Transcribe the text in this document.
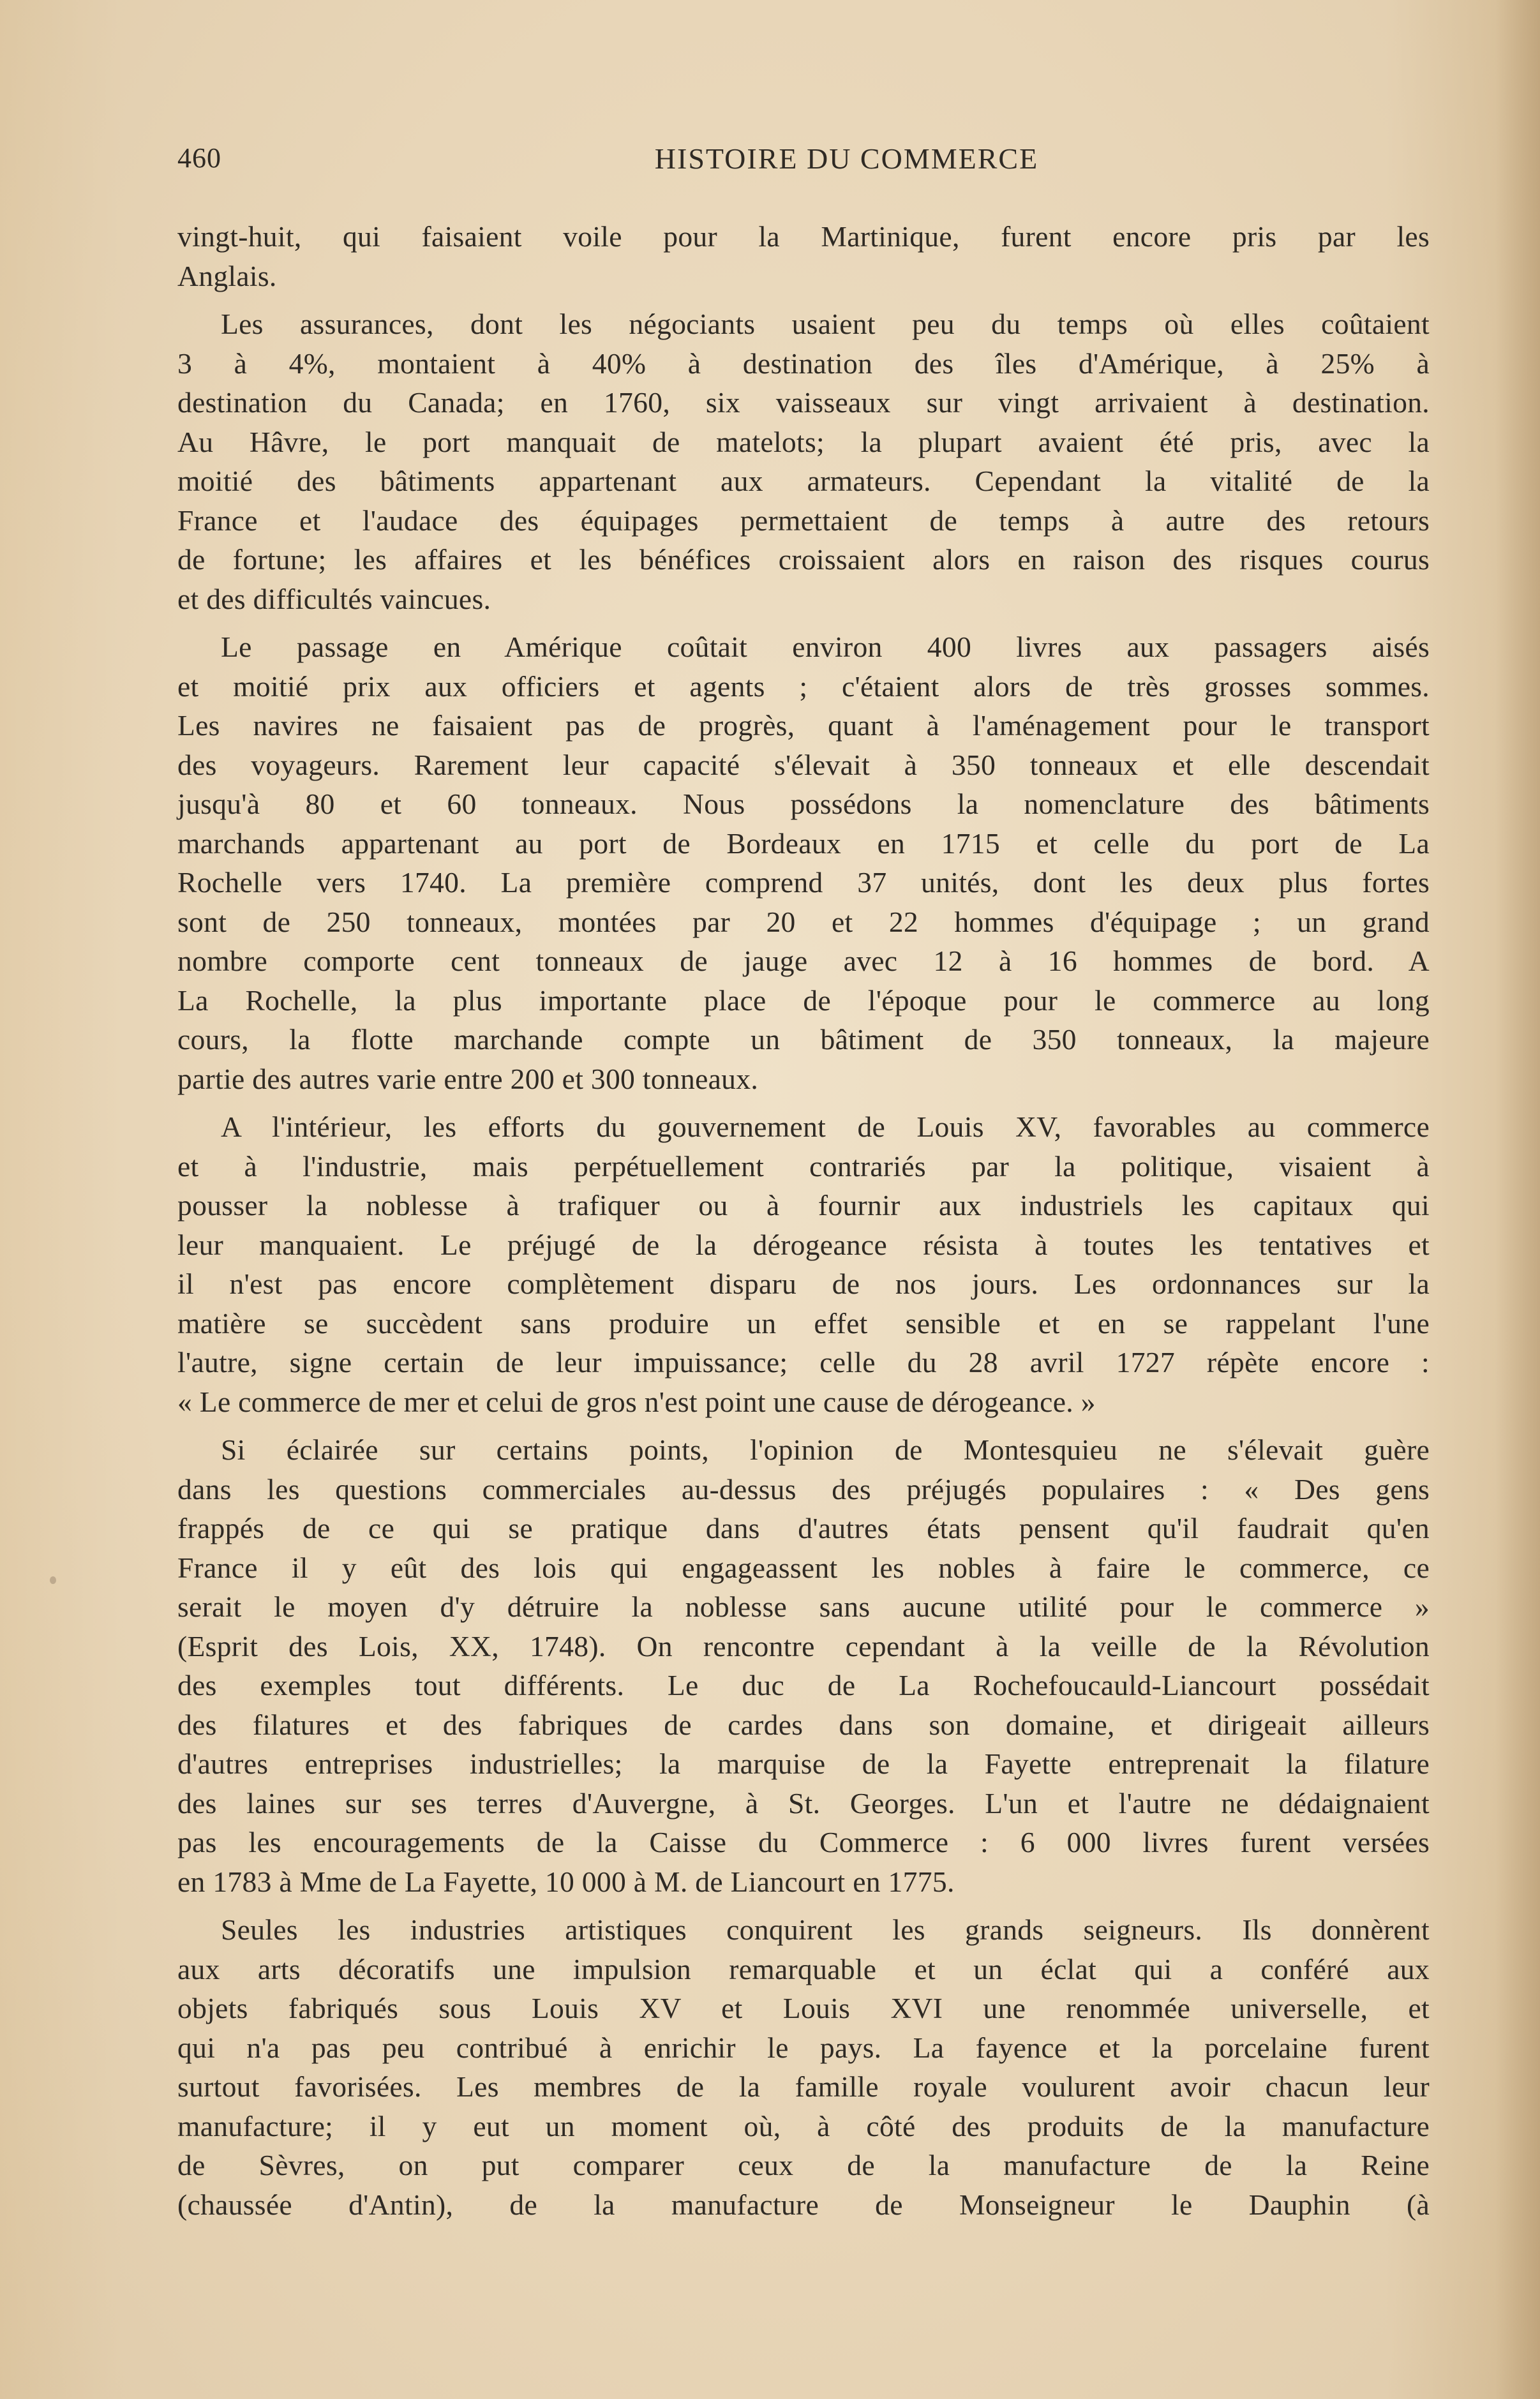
460	HISTOIRE DU COMMERCE
vingt-huit, qui faisaient voile pour la Martinique, furent encore pris par les
Anglais.
Les assurances, dont les négociants usaient peu du temps où elles coûtaient
3 à 4%, montaient à 40% à destination des îles d'Amérique, à 25% à
destination du Canada; en 1760, six vaisseaux sur vingt arrivaient à destination.
Au Hâvre, le port manquait de matelots; la plupart avaient été pris, avec la
moitié des bâtiments appartenant aux armateurs. Cependant la vitalité de la
France et l'audace des équipages permettaient de temps à autre des retours
de fortune; les affaires et les bénéfices croissaient alors en raison des risques courus
et des difficultés vaincues.
Le passage en Amérique coûtait environ 400 livres aux passagers aisés
et moitié prix aux officiers et agents ; c'étaient alors de très grosses sommes.
Les navires ne faisaient pas de progrès, quant à l'aménagement pour le transport
des voyageurs. Rarement leur capacité s'élevait à 350 tonneaux et elle descendait
jusqu'à 80 et 60 tonneaux. Nous possédons la nomenclature des bâtiments
marchands appartenant au port de Bordeaux en 1715 et celle du port de La
Rochelle vers 1740. La première comprend 37 unités, dont les deux plus fortes
sont de 250 tonneaux, montées par 20 et 22 hommes d'équipage ; un grand
nombre comporte cent tonneaux de jauge avec 12 à 16 hommes de bord. A
La Rochelle, la plus importante place de l'époque pour le commerce au long
cours, la flotte marchande compte un bâtiment de 350 tonneaux, la majeure
partie des autres varie entre 200 et 300 tonneaux.
A l'intérieur, les efforts du gouvernement de Louis XV, favorables au commerce
et à l'industrie, mais perpétuellement contrariés par la politique, visaient à
pousser la noblesse à trafiquer ou à fournir aux industriels les capitaux qui
leur manquaient. Le préjugé de la dérogeance résista à toutes les tentatives et
il n'est pas encore complètement disparu de nos jours. Les ordonnances sur la
matière se succèdent sans produire un effet sensible et en se rappelant l'une
l'autre, signe certain de leur impuissance; celle du 28 avril 1727 répète encore :
« Le commerce de mer et celui de gros n'est point une cause de dérogeance. »
Si éclairée sur certains points, l'opinion de Montesquieu ne s'élevait guère
dans les questions commerciales au-dessus des préjugés populaires : « Des gens
frappés de ce qui se pratique dans d'autres états pensent qu'il faudrait qu'en
France il y eût des lois qui engageassent les nobles à faire le commerce, ce
serait le moyen d'y détruire la noblesse sans aucune utilité pour le commerce »
(Esprit des Lois, XX, 1748). On rencontre cependant à la veille de la Révolution
des exemples tout différents. Le duc de La Rochefoucauld-Liancourt possédait
des filatures et des fabriques de cardes dans son domaine, et dirigeait ailleurs
d'autres entreprises industrielles; la marquise de la Fayette entreprenait la filature
des laines sur ses terres d'Auvergne, à St. Georges. L'un et l'autre ne dédaignaient
pas les encouragements de la Caisse du Commerce : 6 000 livres furent versées
en 1783 à Mme de La Fayette, 10 000 à M. de Liancourt en 1775.
Seules les industries artistiques conquirent les grands seigneurs. Ils donnèrent
aux arts décoratifs une impulsion remarquable et un éclat qui a conféré aux
objets fabriqués sous Louis XV et Louis XVI une renommée universelle, et
qui n'a pas peu contribué à enrichir le pays. La fayence et la porcelaine furent
surtout favorisées. Les membres de la famille royale voulurent avoir chacun leur
manufacture; il y eut un moment où, à côté des produits de la manufacture
de Sèvres, on put comparer ceux de la manufacture de la Reine
(chaussée d'Antin), de la manufacture de Monseigneur le Dauphin (à
